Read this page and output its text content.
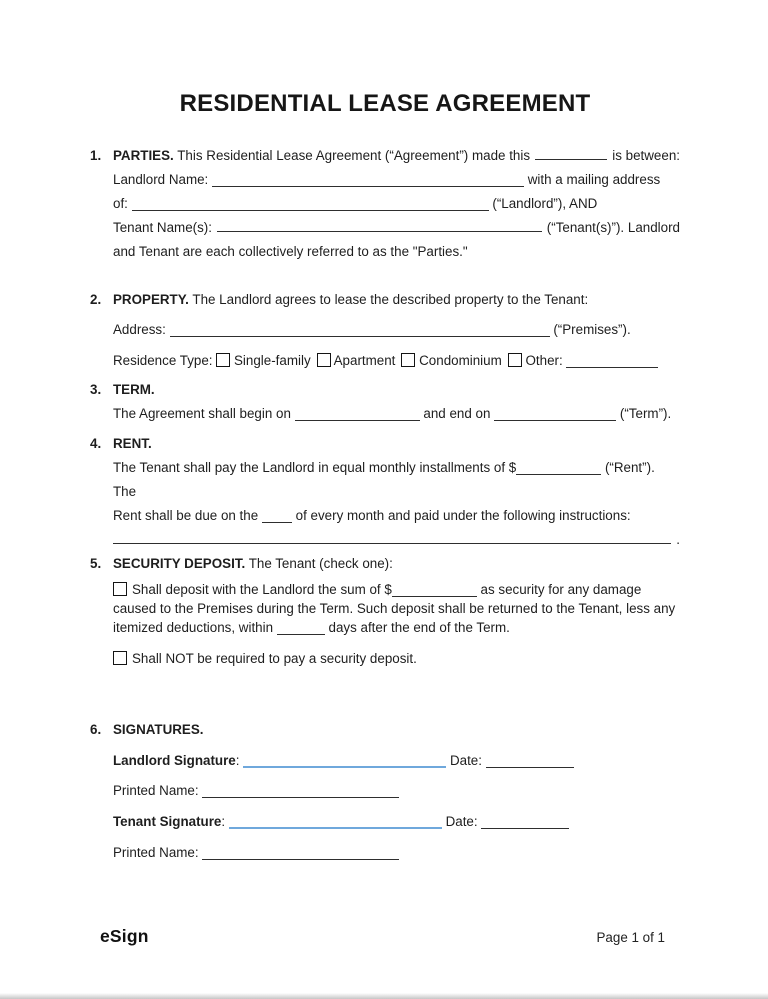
RESIDENTIAL LEASE AGREEMENT
1. PARTIES. This Residential Lease Agreement (“Agreement”) made this	is between:
Landlord Name:	with a mailing address
of:	(“Landlord”), AND
Tenant Name(s):	(“Tenant(s)”). Landlord
and Tenant are each collectively referred to as the "Parties."
2. PROPERTY. The Landlord agrees to lease the described property to the Tenant:
Address:	(“Premises”).
Residence Type: Single-family Apartment Condominium Other:
3. TERM.
The Agreement shall begin on	and end on	(“Term”).
4. RENT.
The Tenant shall pay the Landlord in equal monthly installments of $	(“Rent”). The
Rent shall be due on the	of every month and paid under the following instructions:
.
5. SECURITY DEPOSIT. The Tenant (check one):
Shall deposit with the Landlord the sum of $	as security for any damage caused to the Premises during the Term. Such deposit shall be returned to the Tenant, less any itemized deductions, within	days after the end of the Term.
Shall NOT be required to pay a security deposit.
6. SIGNATURES.
Landlord Signature:	Date:
Printed Name:
Tenant Signature:	Date:
Printed Name:
eSign	Page 1 of 1
